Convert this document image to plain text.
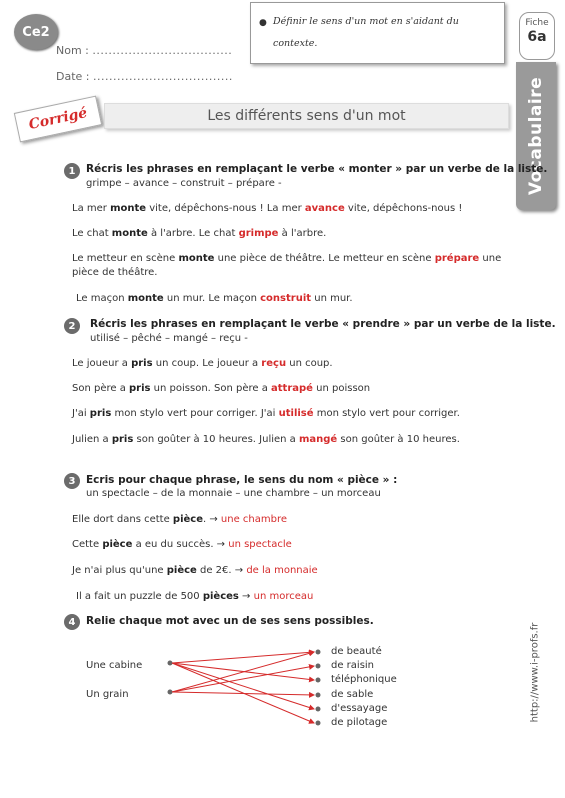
Ce2
Nom : ...................................
Date : ...................................
● Définir le sens d'un mot en s'aidant du contexte.
Fiche
6a
Vocabulaire
http://www.i-profs.fr
Corrigé	Les différents sens d'un mot
1 Récris les phrases en remplaçant le verbe « monter » par un verbe de la liste.
grimpe – avance – construit – prépare -
La mer monte vite, dépêchons-nous ! La mer avance vite, dépêchons-nous !
Le chat monte à l'arbre. Le chat grimpe à l'arbre.
Le metteur en scène monte une pièce de théâtre. Le metteur en scène prépare une pièce de théâtre.
Le maçon monte un mur. Le maçon construit un mur.
2 Récris les phrases en remplaçant le verbe « prendre » par un verbe de la liste.
utilisé – pêché – mangé – reçu -
Le joueur a pris un coup. Le joueur a reçu un coup.
Son père a pris un poisson. Son père a attrapé un poisson
J'ai pris mon stylo vert pour corriger. J'ai utilisé mon stylo vert pour corriger.
Julien a pris son goûter à 10 heures. Julien a mangé son goûter à 10 heures.
3 Ecris pour chaque phrase, le sens du nom « pièce » :
un spectacle – de la monnaie – une chambre – un morceau
Elle dort dans cette pièce. → une chambre
Cette pièce a eu du succès. → un spectacle
Je n'ai plus qu'une pièce de 2€. → de la monnaie
Il a fait un puzzle de 500 pièces → un morceau
4 Relie chaque mot avec un de ses sens possibles.
Une cabine
Un grain
de beauté
de raisin
téléphonique
de sable
d'essayage
de pilotage
